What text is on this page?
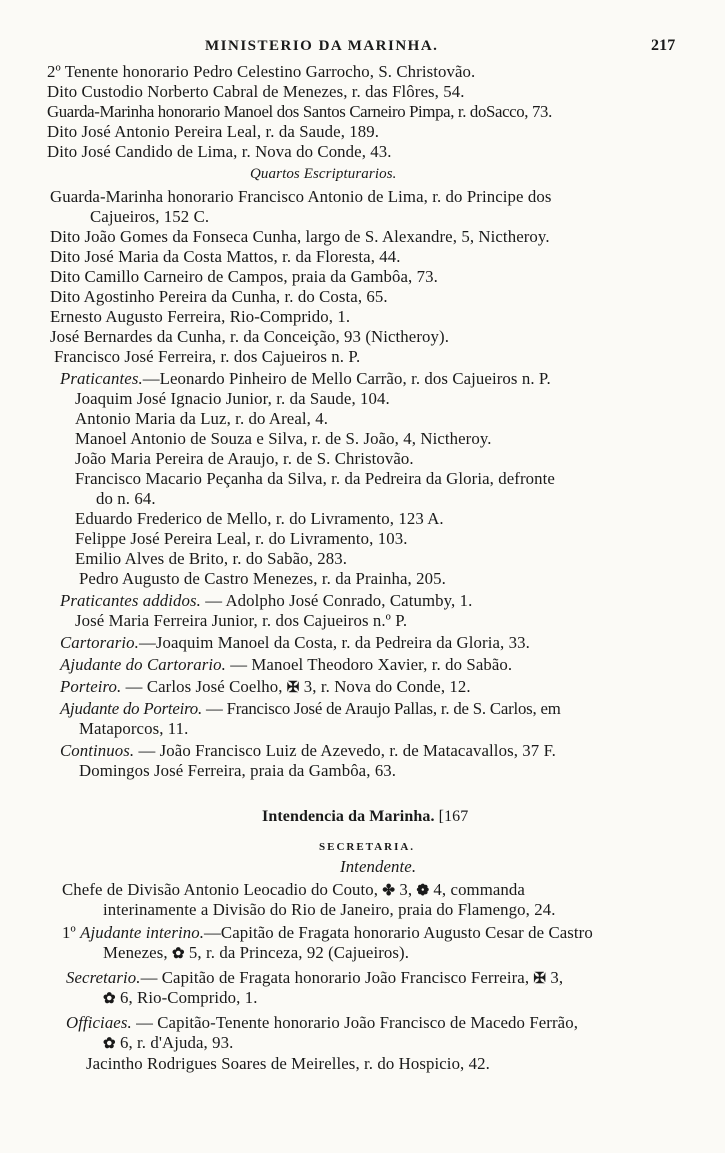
MINISTERIO DA MARINHA.	217
2º Tenente honorario Pedro Celestino Garrocho, S. Christovão.
Dito Custodio Norberto Cabral de Menezes, r. das Flôres, 54.
Guarda-Marinha honorario Manoel dos Santos Carneiro Pimpa, r. doSacco, 73.
Dito José Antonio Pereira Leal, r. da Saude, 189.
Dito José Candido de Lima, r. Nova do Conde, 43.
Quartos Escripturarios.
Guarda-Marinha honorario Francisco Antonio de Lima, r. do Principe dos
Cajueiros, 152 C.
Dito João Gomes da Fonseca Cunha, largo de S. Alexandre, 5, Nictheroy.
Dito José Maria da Costa Mattos, r. da Floresta, 44.
Dito Camillo Carneiro de Campos, praia da Gambôa, 73.
Dito Agostinho Pereira da Cunha, r. do Costa, 65.
Ernesto Augusto Ferreira, Rio-Comprido, 1.
José Bernardes da Cunha, r. da Conceição, 93 (Nictheroy).
Francisco José Ferreira, r. dos Cajueiros n. P.
Praticantes.—Leonardo Pinheiro de Mello Carrão, r. dos Cajueiros n. P.
Joaquim José Ignacio Junior, r. da Saude, 104.
Antonio Maria da Luz, r. do Areal, 4.
Manoel Antonio de Souza e Silva, r. de S. João, 4, Nictheroy.
João Maria Pereira de Araujo, r. de S. Christovão.
Francisco Macario Peçanha da Silva, r. da Pedreira da Gloria, defronte
do n. 64.
Eduardo Frederico de Mello, r. do Livramento, 123 A.
Felippe José Pereira Leal, r. do Livramento, 103.
Emilio Alves de Brito, r. do Sabão, 283.
Pedro Augusto de Castro Menezes, r. da Prainha, 205.
Praticantes addidos. — Adolpho José Conrado, Catumby, 1.
José Maria Ferreira Junior, r. dos Cajueiros n.º P.
Cartorario.—Joaquim Manoel da Costa, r. da Pedreira da Gloria, 33.
Ajudante do Cartorario. — Manoel Theodoro Xavier, r. do Sabão.
Porteiro. — Carlos José Coelho, ✠ 3, r. Nova do Conde, 12.
Ajudante do Porteiro. — Francisco José de Araujo Pallas, r. de S. Carlos, em
Mataporcos, 11.
Continuos. — João Francisco Luiz de Azevedo, r. de Matacavallos, 37 F.
Domingos José Ferreira, praia da Gambôa, 63.
Intendencia da Marinha. [167
SECRETARIA.
Intendente.
Chefe de Divisão Antonio Leocadio do Couto, ✤ 3, ❁ 4, commanda
interinamente a Divisão do Rio de Janeiro, praia do Flamengo, 24.
1º Ajudante interino.—Capitão de Fragata honorario Augusto Cesar de Castro
Menezes, ✿ 5, r. da Princeza, 92 (Cajueiros).
Secretario.— Capitão de Fragata honorario João Francisco Ferreira, ✠ 3,
✿ 6, Rio-Comprido, 1.
Officiaes. — Capitão-Tenente honorario João Francisco de Macedo Ferrão,
✿ 6, r. d'Ajuda, 93.
Jacintho Rodrigues Soares de Meirelles, r. do Hospicio, 42.
